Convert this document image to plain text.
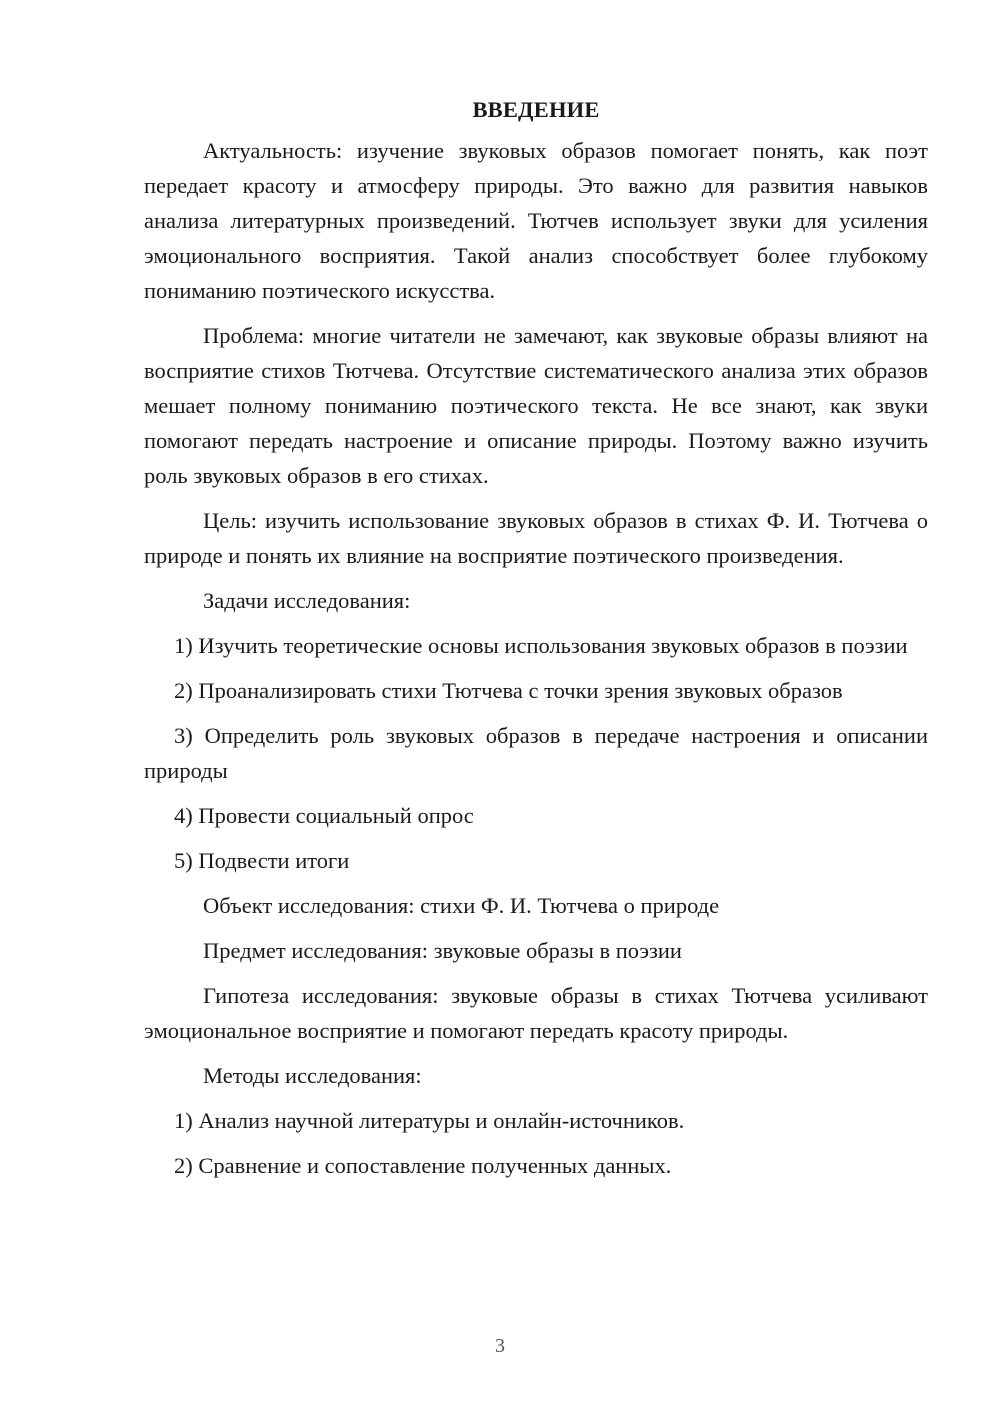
ВВЕДЕНИЕ

Актуальность: изучение звуковых образов помогает понять, как поэт передает красоту и атмосферу природы. Это важно для развития навыков анализа литературных произведений. Тютчев использует звуки для усиления эмоционального восприятия. Такой анализ способствует более глубокому пониманию поэтического искусства.

Проблема: многие читатели не замечают, как звуковые образы влияют на восприятие стихов Тютчева. Отсутствие систематического анализа этих образов мешает полному пониманию поэтического текста. Не все знают, как звуки помогают передать настроение и описание природы. Поэтому важно изучить роль звуковых образов в его стихах.

Цель: изучить использование звуковых образов в стихах Ф. И. Тютчева о природе и понять их влияние на восприятие поэтического произведения.

Задачи исследования:

1) Изучить теоретические основы использования звуковых образов в поэзии

2) Проанализировать стихи Тютчева с точки зрения звуковых образов

3) Определить роль звуковых образов в передаче настроения и описании природы

4) Провести социальный опрос

5) Подвести итоги

Объект исследования: стихи Ф. И. Тютчева о природе

Предмет исследования: звуковые образы в поэзии

Гипотеза исследования: звуковые образы в стихах Тютчева усиливают эмоциональное восприятие и помогают передать красоту природы.

Методы исследования:

1) Анализ научной литературы и онлайн-источников.

2) Сравнение и сопоставление полученных данных.

3
